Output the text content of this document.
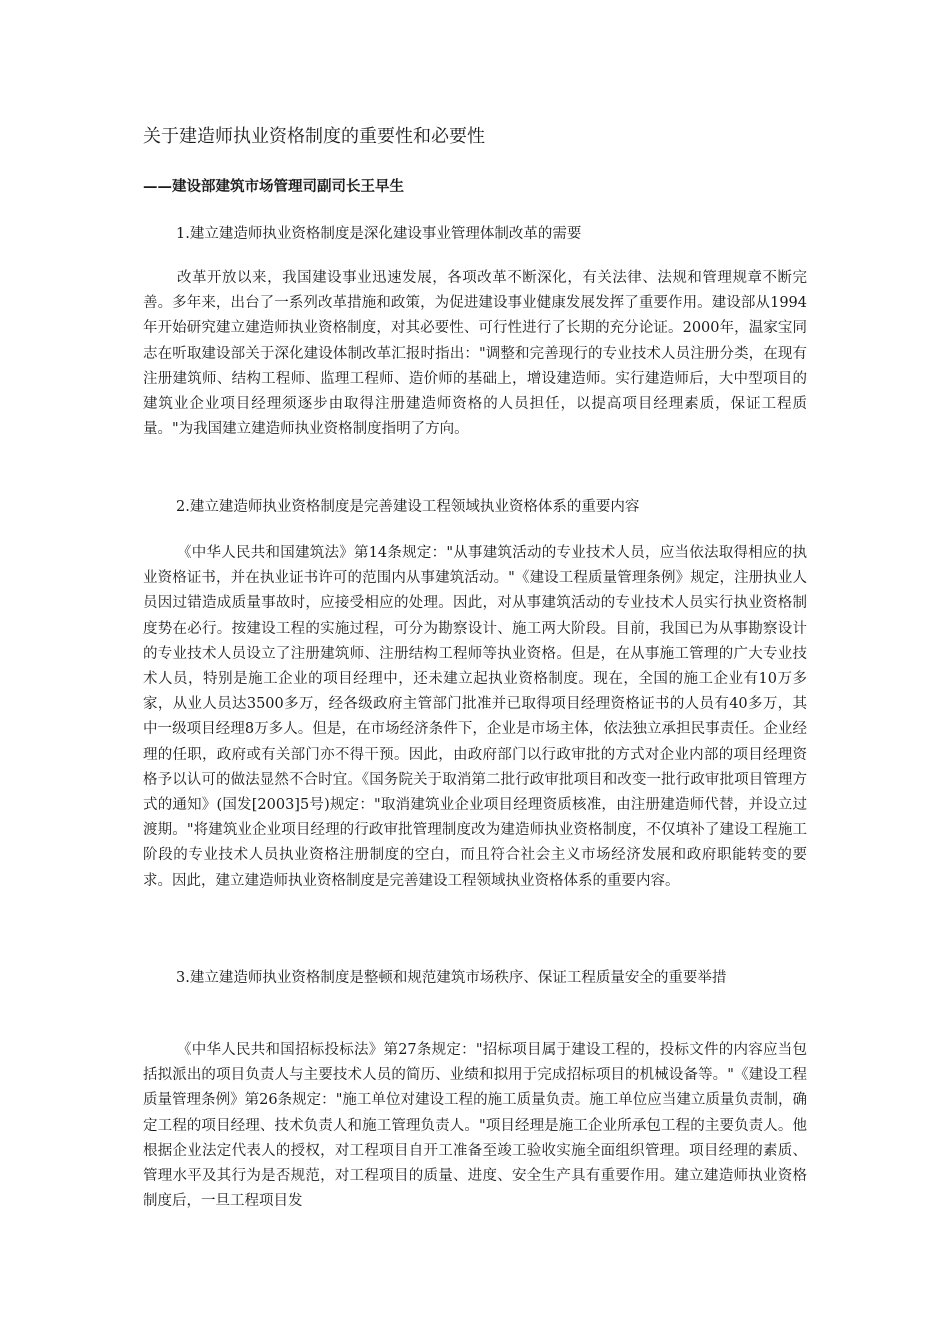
关于建造师执业资格制度的重要性和必要性
——建设部建筑市场管理司副司长王早生
1.建立建造师执业资格制度是深化建设事业管理体制改革的需要

改革开放以来，我国建设事业迅速发展，各项改革不断深化，有关法律、法规和管理规章不断完善。多年来，出台了一系列改革措施和政策，为促进建设事业健康发展发挥了重要作用。建设部从1994年开始研究建立建造师执业资格制度，对其必要性、可行性进行了长期的充分论证。2000年，温家宝同志在听取建设部关于深化建设体制改革汇报时指出："调整和完善现行的专业技术人员注册分类，在现有注册建筑师、结构工程师、监理工程师、造价师的基础上，增设建造师。实行建造师后，大中型项目的建筑业企业项目经理须逐步由取得注册建造师资格的人员担任，以提高项目经理素质，保证工程质量。"为我国建立建造师执业资格制度指明了方向。

2.建立建造师执业资格制度是完善建设工程领域执业资格体系的重要内容

《中华人民共和国建筑法》第14条规定："从事建筑活动的专业技术人员，应当依法取得相应的执业资格证书，并在执业证书许可的范围内从事建筑活动。"《建设工程质量管理条例》规定，注册执业人员因过错造成质量事故时，应接受相应的处理。因此，对从事建筑活动的专业技术人员实行执业资格制度势在必行。按建设工程的实施过程，可分为勘察设计、施工两大阶段。目前，我国已为从事勘察设计的专业技术人员设立了注册建筑师、注册结构工程师等执业资格。但是，在从事施工管理的广大专业技术人员，特别是施工企业的项目经理中，还未建立起执业资格制度。现在，全国的施工企业有10万多家，从业人员达3500多万，经各级政府主管部门批准并已取得项目经理资格证书的人员有40多万，其中一级项目经理8万多人。但是，在市场经济条件下，企业是市场主体，依法独立承担民事责任。企业经理的任职，政府或有关部门亦不得干预。因此，由政府部门以行政审批的方式对企业内部的项目经理资格予以认可的做法显然不合时宜。《国务院关于取消第二批行政审批项目和改变一批行政审批项目管理方式的通知》(国发[2003]5号)规定："取消建筑业企业项目经理资质核准，由注册建造师代替，并设立过渡期。"将建筑业企业项目经理的行政审批管理制度改为建造师执业资格制度，不仅填补了建设工程施工阶段的专业技术人员执业资格注册制度的空白，而且符合社会主义市场经济发展和政府职能转变的要求。因此，建立建造师执业资格制度是完善建设工程领域执业资格体系的重要内容。

3.建立建造师执业资格制度是整顿和规范建筑市场秩序、保证工程质量安全的重要举措

《中华人民共和国招标投标法》第27条规定："招标项目属于建设工程的，投标文件的内容应当包括拟派出的项目负责人与主要技术人员的简历、业绩和拟用于完成招标项目的机械设备等。"《建设工程质量管理条例》第26条规定："施工单位对建设工程的施工质量负责。施工单位应当建立质量负责制，确定工程的项目经理、技术负责人和施工管理负责人。"项目经理是施工企业所承包工程的主要负责人。他根据企业法定代表人的授权，对工程项目自开工准备至竣工验收实施全面组织管理。项目经理的素质、管理水平及其行为是否规范，对工程项目的质量、进度、安全生产具有重要作用。建立建造师执业资格制度后，一旦工程项目发
